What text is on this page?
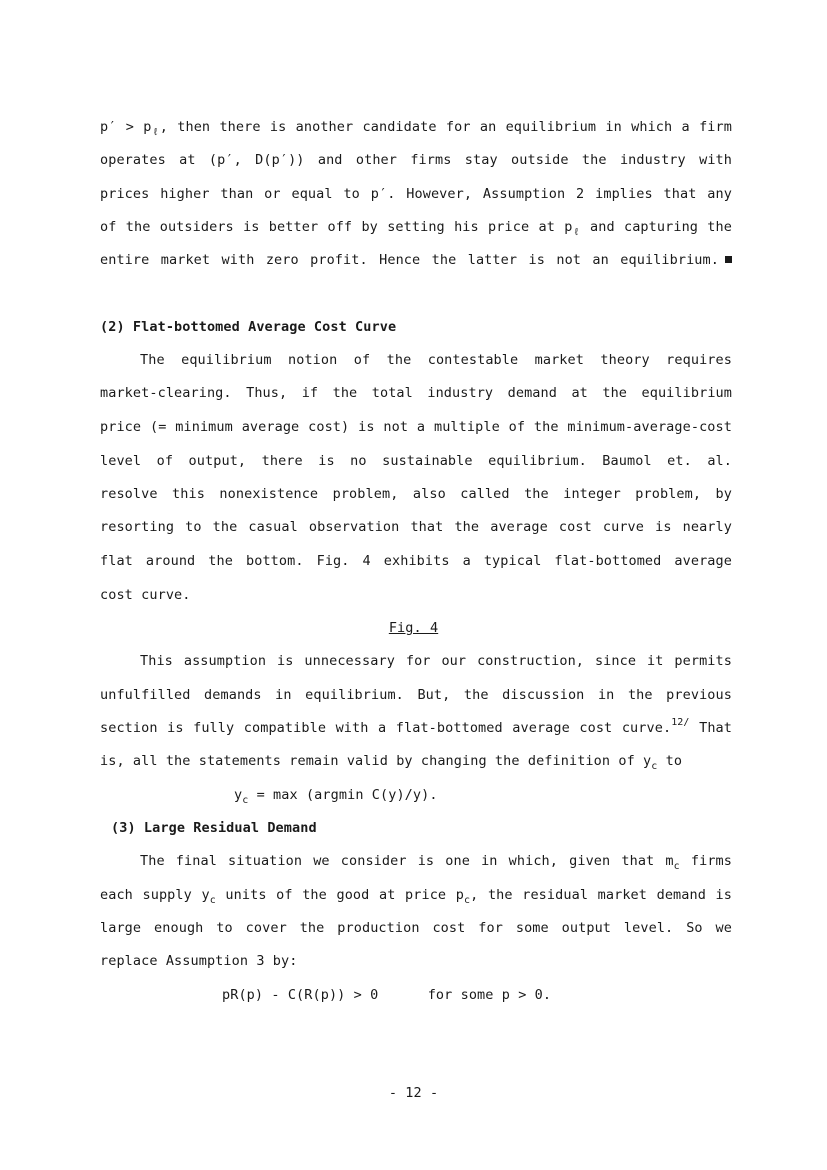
$p' > p_\ell$, then there is another candidate for an equilibrium in which a firm
operates at (p′, D(p′)) and other firms stay outside the industry with
prices higher than or equal to p′. However, Assumption 2 implies that any
of the outsiders is better off by setting his price at $p_\ell$ and capturing the
entire market with zero profit. Hence the latter is not an equilibrium.
(2) Flat-bottomed Average Cost Curve
The equilibrium notion of the contestable market theory requires
market-clearing. Thus, if the total industry demand at the equilibrium
price (= minimum average cost) is not a multiple of the minimum-average-cost
level of output, there is no sustainable equilibrium. Baumol et. al.
resolve this nonexistence problem, also called the integer problem, by
resorting to the casual observation that the average cost curve is nearly
flat around the bottom. Fig. 4 exhibits a typical flat-bottomed average
cost curve.
Fig. 4
This assumption is unnecessary for our construction, since it permits
unfulfilled demands in equilibrium. But, the discussion in the previous
section is fully compatible with a flat-bottomed average cost curve.$^{12/}$ That
is, all the statements remain valid by changing the definition of $y_c$ to
$y_c = \max (argmin$ C(y)/y).
(3) Large Residual Demand
The final situation we consider is one in which, given that $m_c$ firms
each supply $y_c$ units of the good at price $p_c$, the residual market demand is
large enough to cover the production cost for some output level. So we
replace Assumption 3 by:
pR(p) - C(R(p)) > 0      for some p > 0.
- 12 -
